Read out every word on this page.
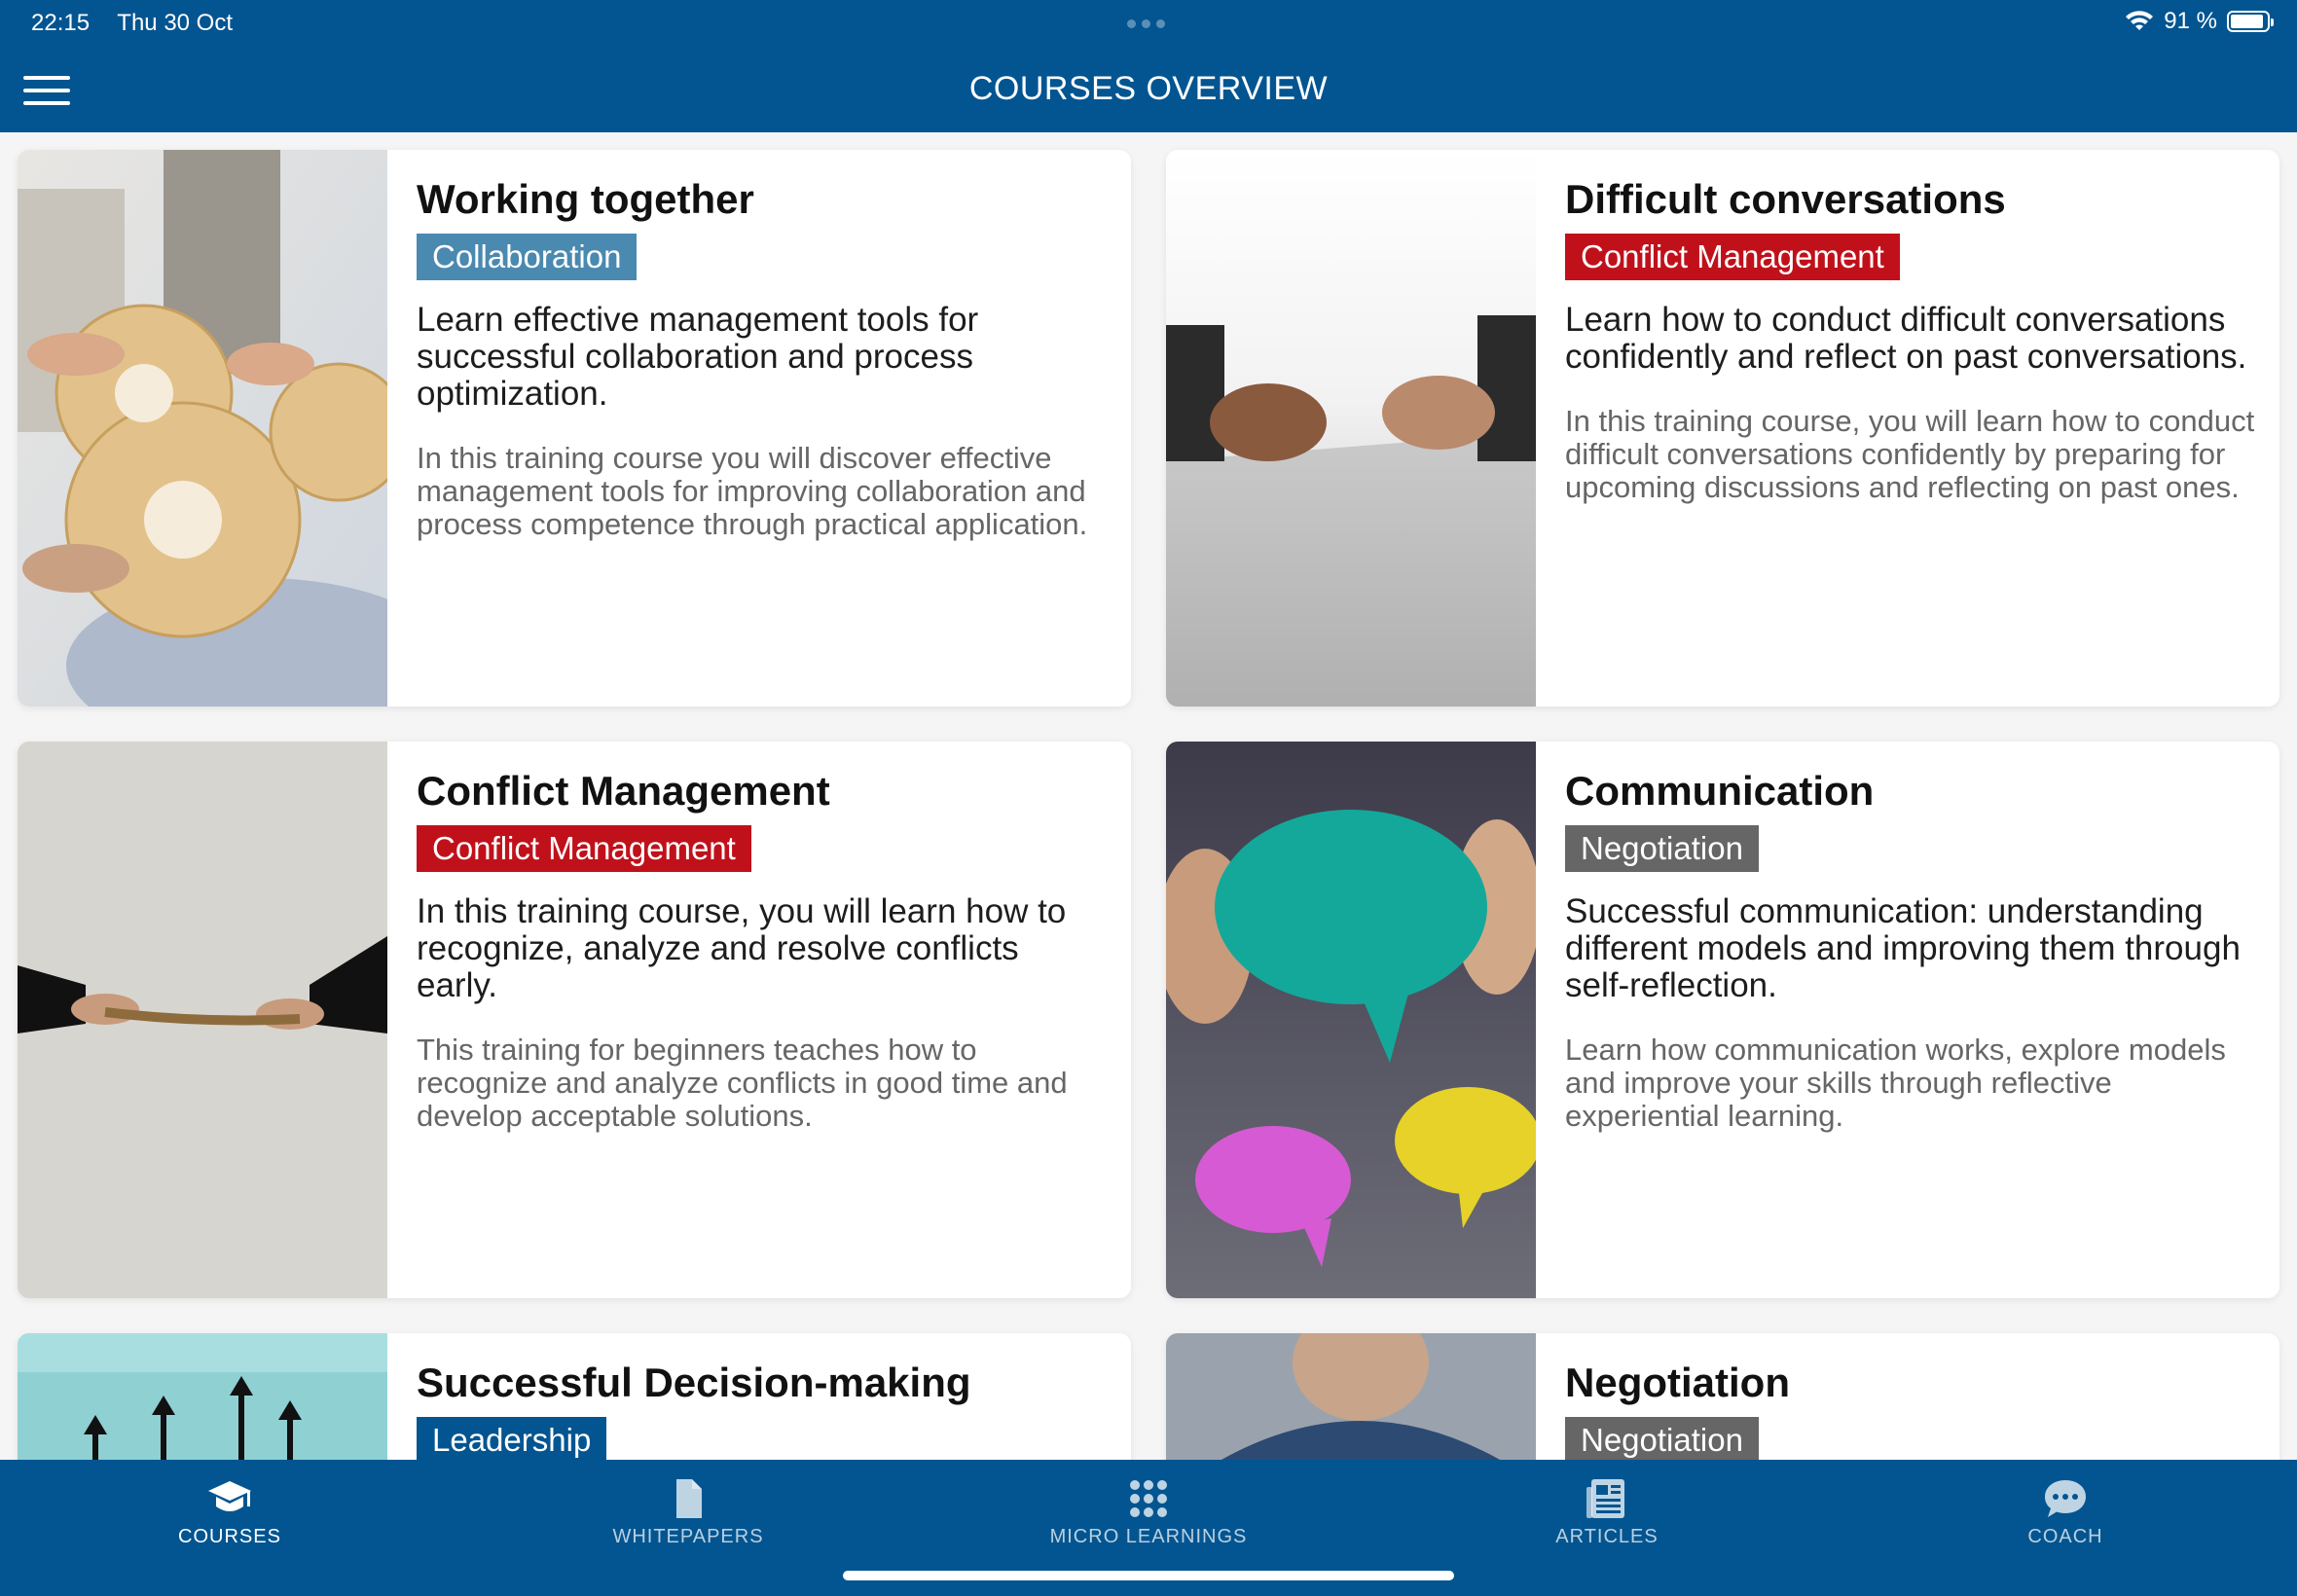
22:15 Thu 30 Oct	91 %
COURSES OVERVIEW
Working together
Collaboration

Learn effective management tools for successful collaboration and process optimization.

In this training course you will discover effective management tools for improving collaboration and process competence through practical application.

Difficult conversations
Conflict Management

Learn how to conduct difficult conversations confidently and reflect on past conversations.

In this training course, you will learn how to conduct difficult conversations confidently by preparing for upcoming discussions and reflecting on past ones.

Conflict Management
Conflict Management

In this training course, you will learn how to recognize, analyze and resolve conflicts early.

This training for beginners teaches how to recognize and analyze conflicts in good time and develop acceptable solutions.

Communication
Negotiation

Successful communication: understanding different models and improving them through self-reflection.

Learn how communication works, explore models and improve your skills through reflective experiential learning.

Successful Decision-making
Leadership
Negotiation
Negotiation
COURSES	WHITEPAPERS	MICRO LEARNINGS	ARTICLES	COACH
